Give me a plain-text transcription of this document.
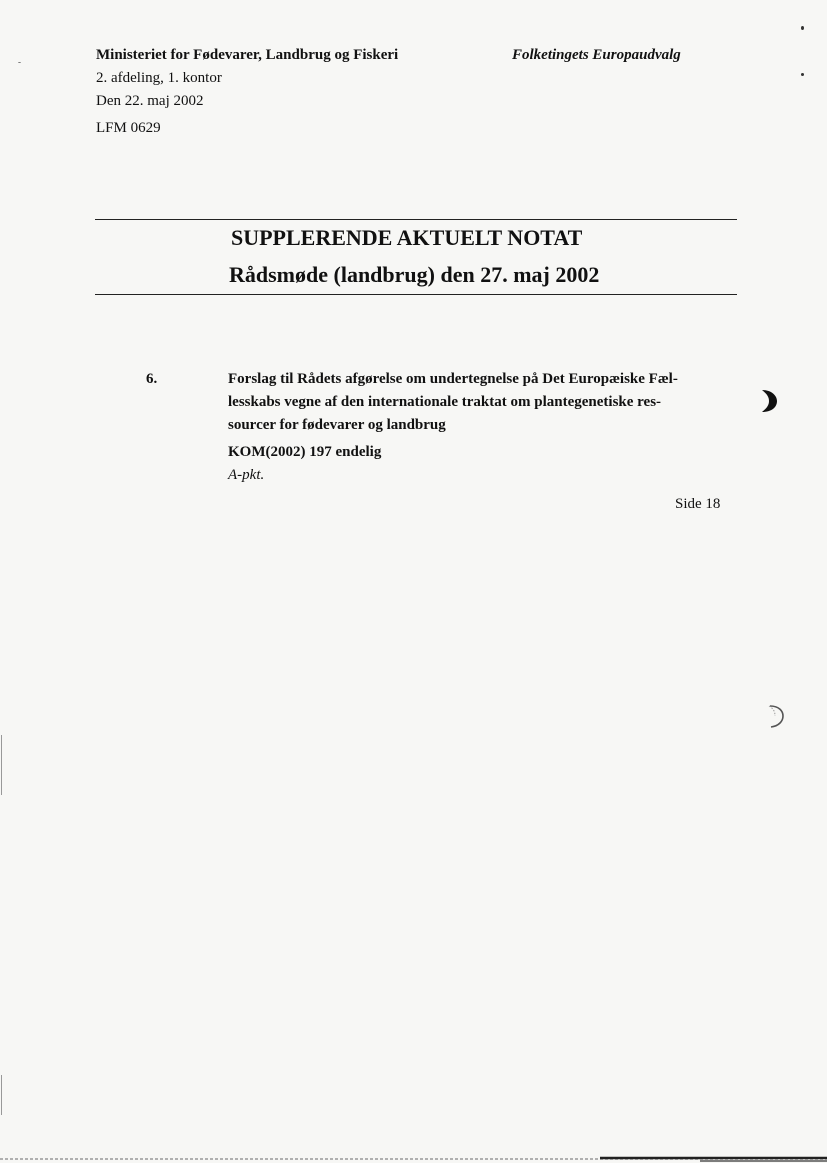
Ministeriet for Fødevarer, Landbrug og Fiskeri
2. afdeling, 1. kontor
Den 22. maj 2002
LFM 0629
Folketingets Europaudvalg
SUPPLERENDE AKTUELT NOTAT
Rådsmøde (landbrug) den 27. maj 2002
6.	Forslag til Rådets afgørelse om undertegnelse på Det Europæiske Fæl-
lesskabs vegne af den internationale traktat om plantegenetiske res-
sourcer for fødevarer og landbrug
KOM(2002) 197 endelig
A-pkt.
Side 18
